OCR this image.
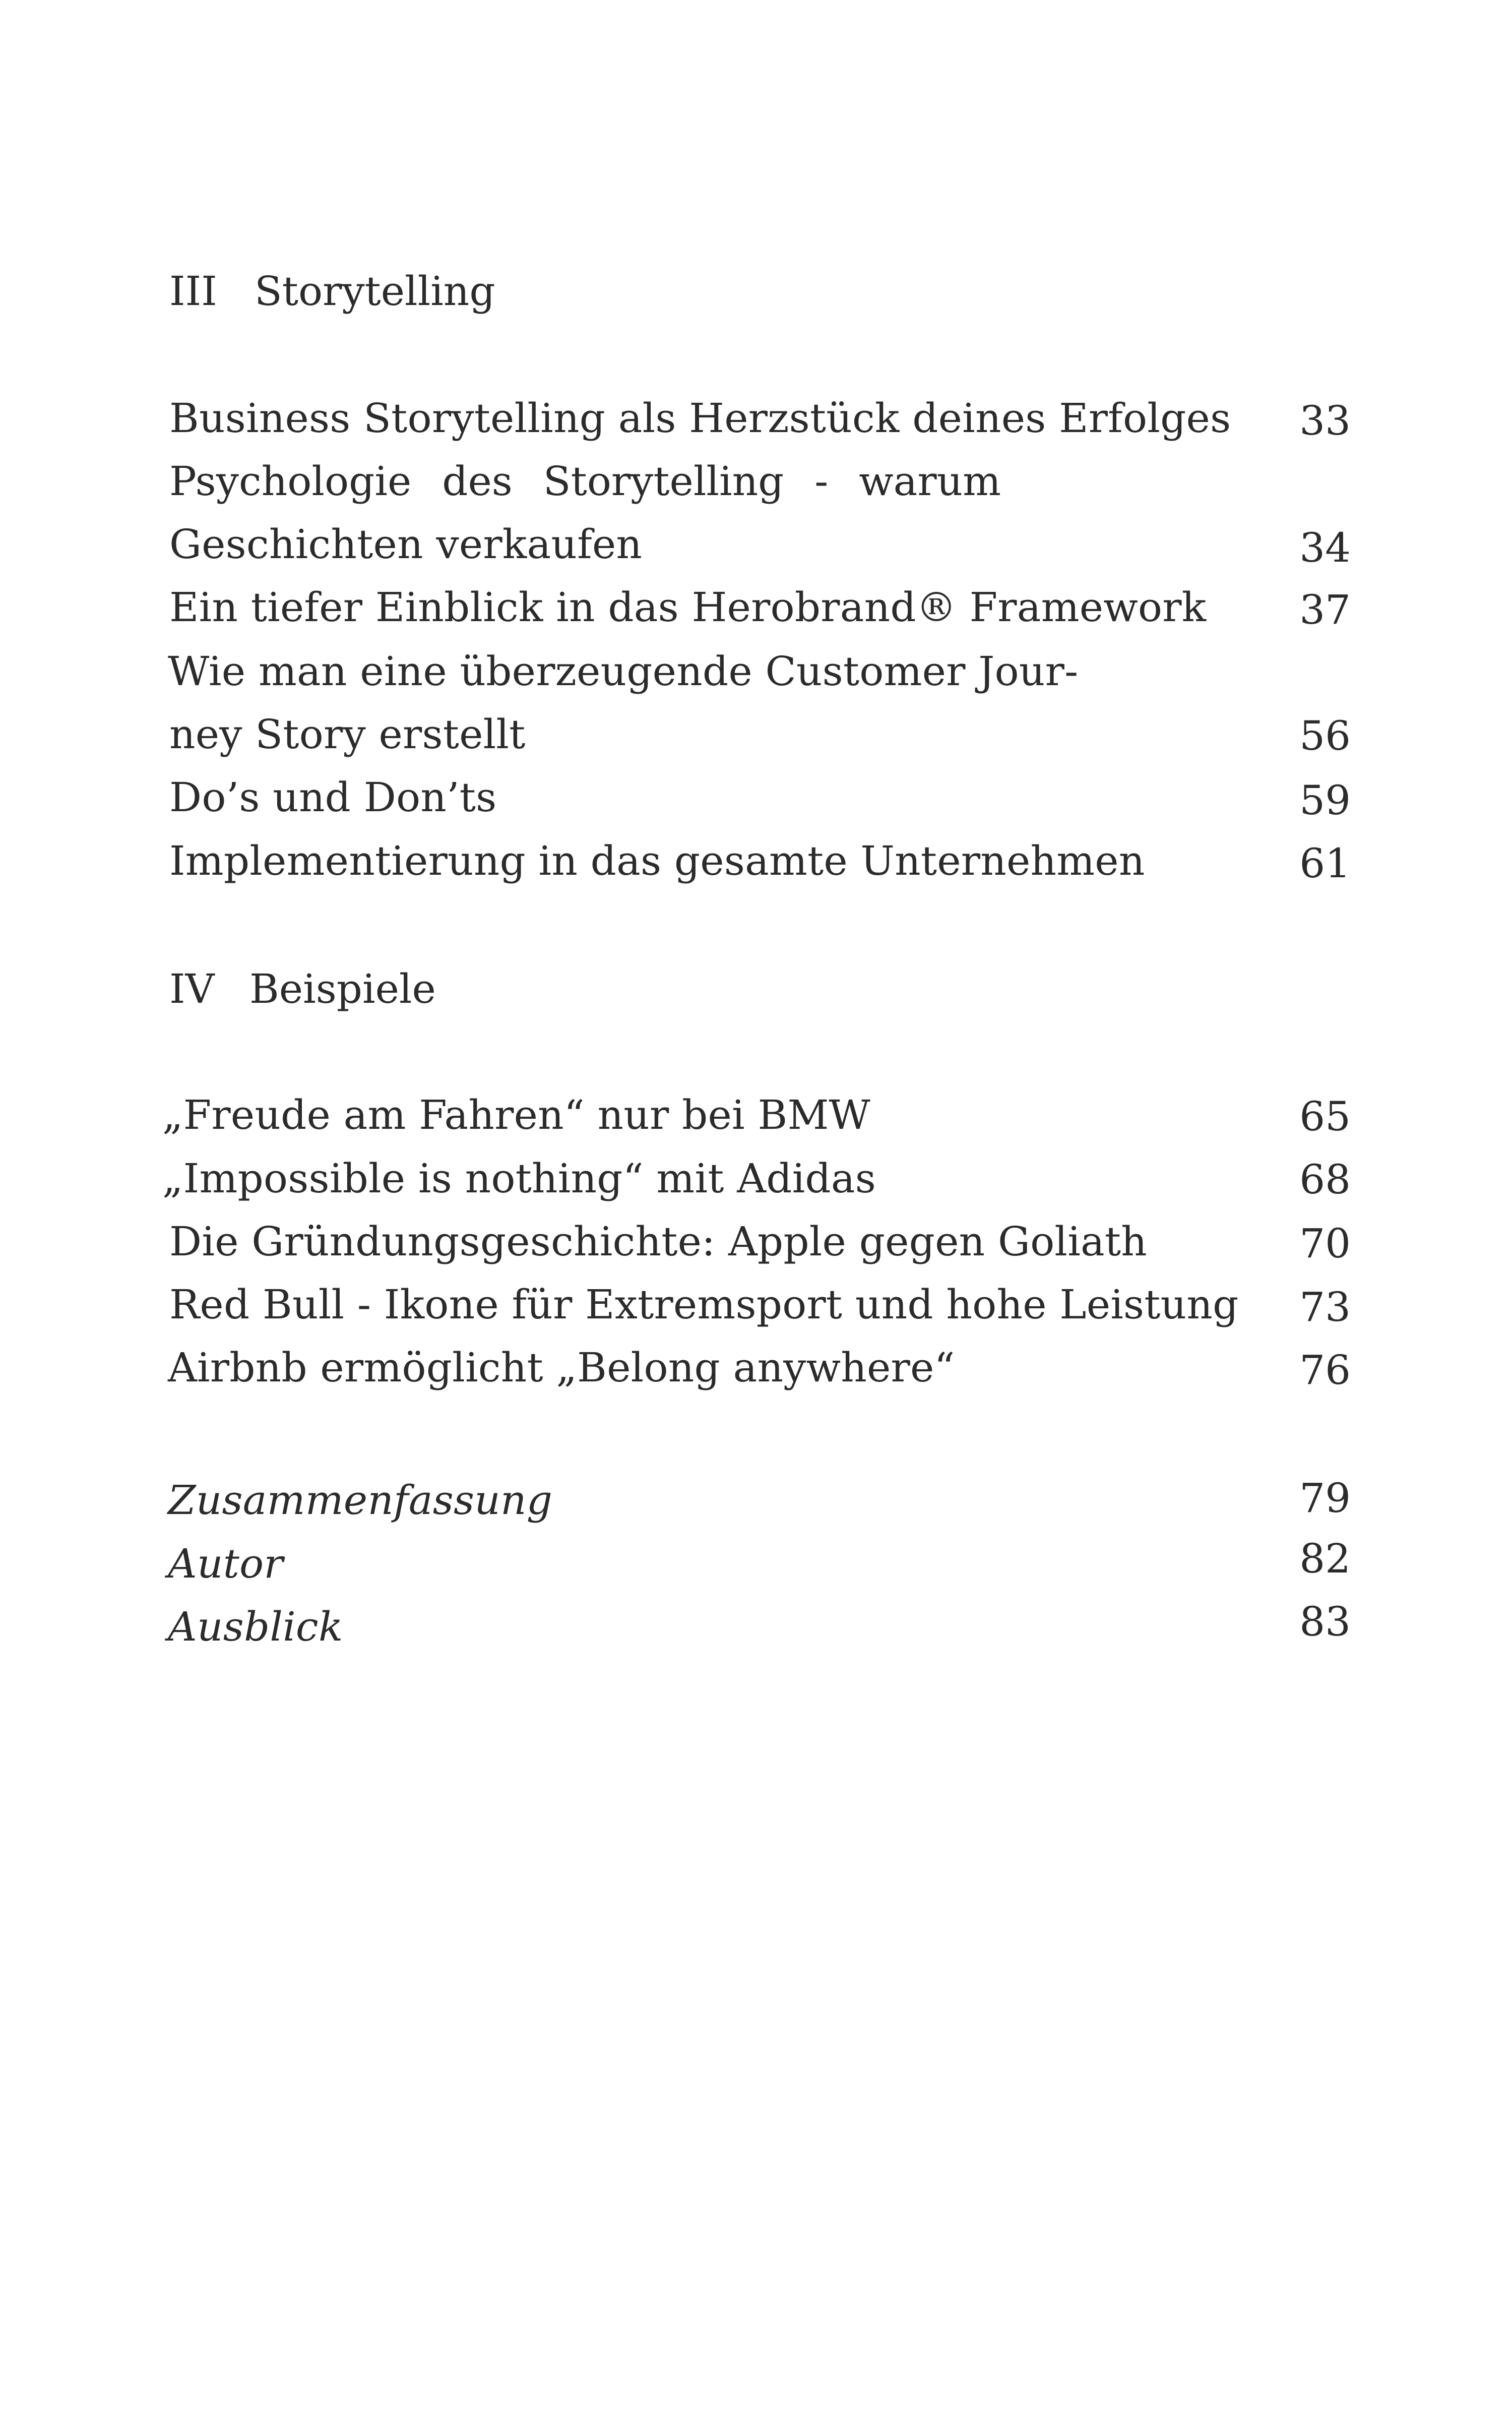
III Storytelling
Business Storytelling als Herzstück deines Erfolges 33
Psychologie des Storytelling - warum
Geschichten verkaufen	34
Ein tiefer Einblick in das Herobrand® Framework 37
Wie man eine überzeugende Customer Jour-
ney Story erstellt	56
Do’s und Don’ts	59
Implementierung in das gesamte Unternehmen	61
IV Beispiele
„Freude am Fahren“ nur bei BMW	65
„Impossible is nothing“ mit Adidas	68
Die Gründungsgeschichte: Apple gegen Goliath	70
Red Bull - Ikone für Extremsport und hohe Leistung 73
Airbnb ermöglicht „Belong anywhere“	76
Zusammenfassung	79
Autor	82
Ausblick	83
